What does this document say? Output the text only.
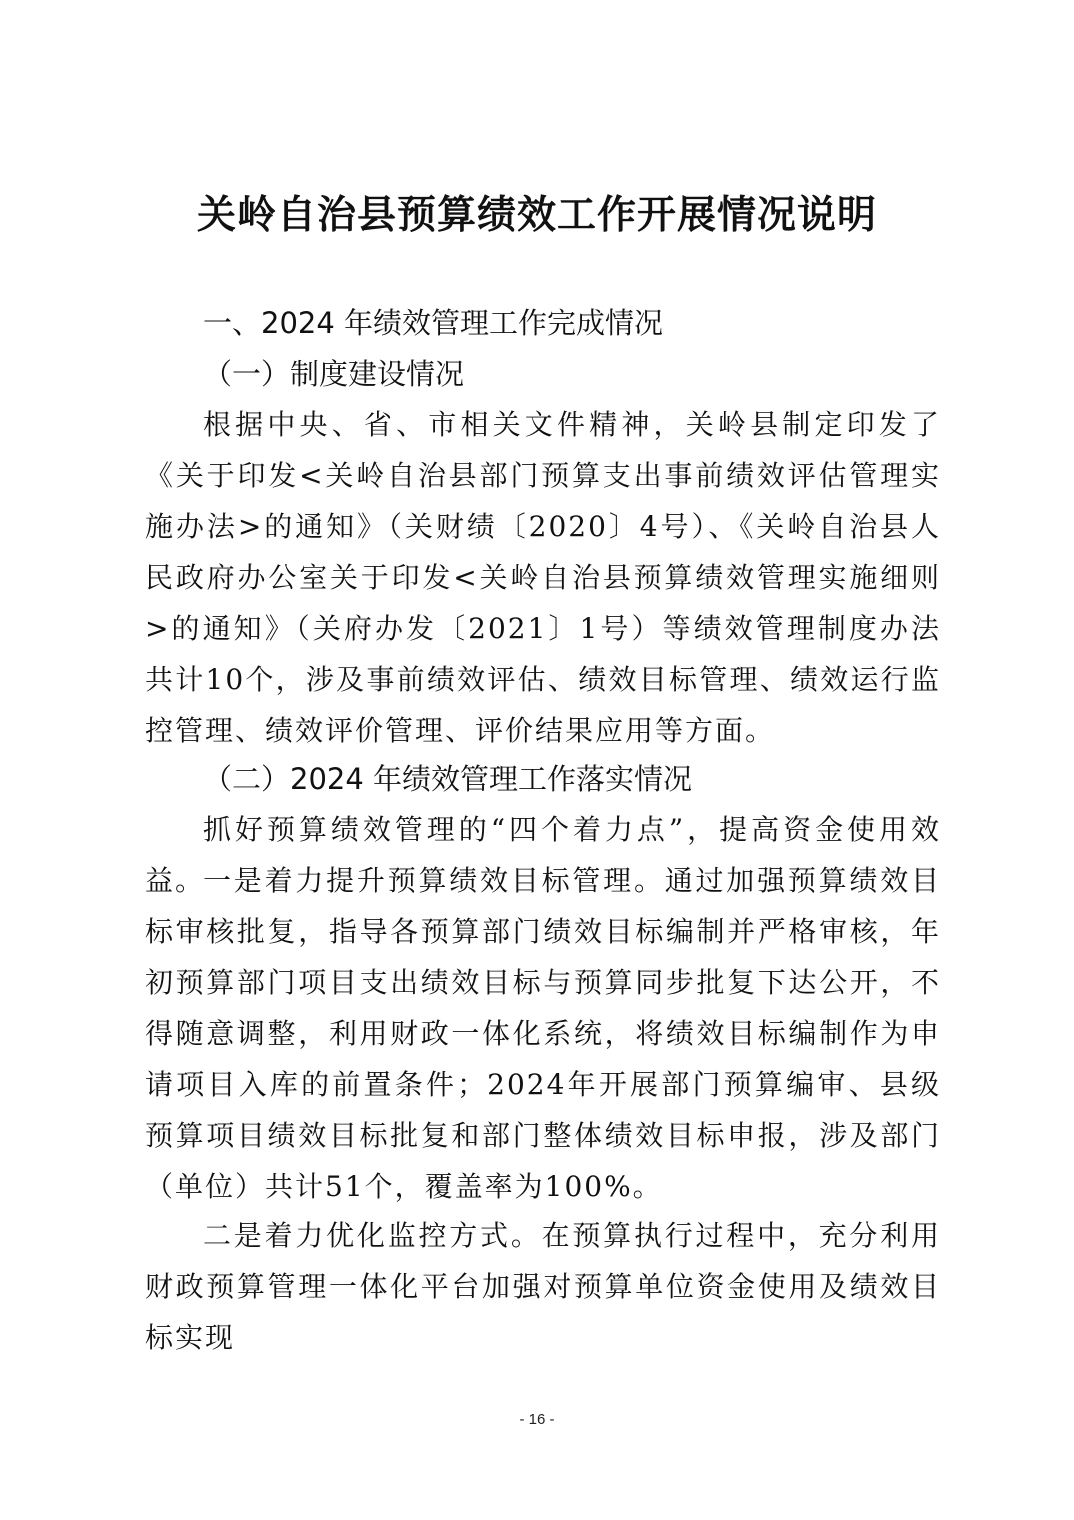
关岭自治县预算绩效工作开展情况说明
一、2024 年绩效管理工作完成情况
（一）制度建设情况

根据中央、省、市相关文件精神，关岭县制定印发了《关于印发<关岭自治县部门预算支出事前绩效评估管理实施办法>的通知》（关财绩〔2020〕4号）、《关岭自治县人民政府办公室关于印发<关岭自治县预算绩效管理实施细则>的通知》（关府办发〔2021〕1号）等绩效管理制度办法共计10个，涉及事前绩效评估、绩效目标管理、绩效运行监控管理、绩效评价管理、评价结果应用等方面。

（二）2024 年绩效管理工作落实情况

抓好预算绩效管理的“四个着力点”，提高资金使用效益。

一是着力提升预算绩效目标管理。通过加强预算绩效目标审核批复，指导各预算部门绩效目标编制并严格审核，年初预算部门项目支出绩效目标与预算同步批复下达公开，不得随意调整，利用财政一体化系统，将绩效目标编制作为申请项目入库的前置条件；2024年开展部门预算编审、县级预算项目绩效目标批复和部门整体绩效目标申报，涉及部门（单位）共计51个，覆盖率为100%。

二是着力优化监控方式。在预算执行过程中，充分利用财政预算管理一体化平台加强对预算单位资金使用及绩效目标实现

- 16 -
